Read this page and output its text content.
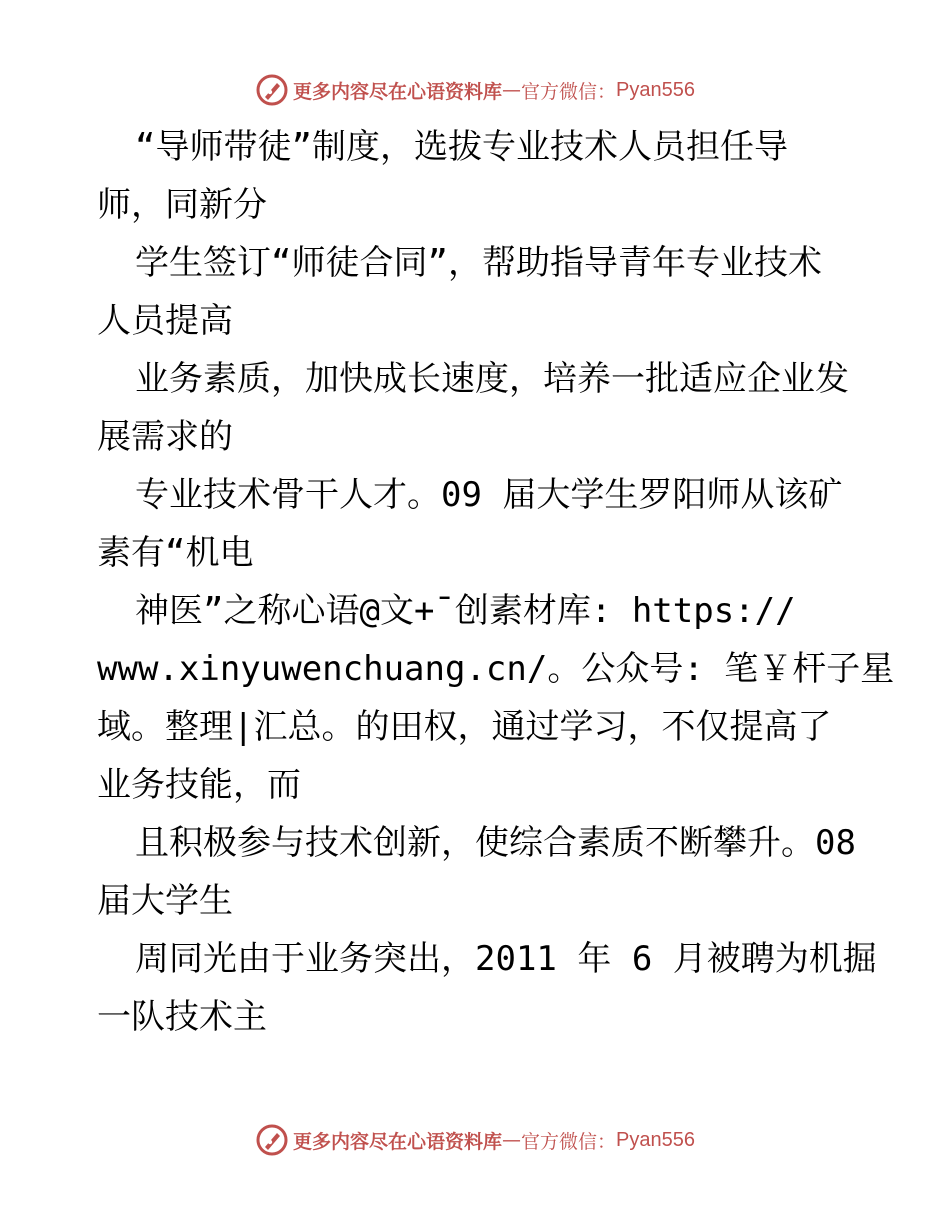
更多内容尽在心语资料库 — 官方微信： Pyan556
“导师带徒”制度，选拔专业技术人员担任导
师，同新分
学生签订“师徒合同”，帮助指导青年专业技术
人员提高
业务素质，加快成长速度，培养一批适应企业发
展需求的
专业技术骨干人才。09 届大学生罗阳师从该矿
素有“机电
神医”之称心语@文+¯创素材库: https://
www.xinyuwenchuang.cn/。公众号: 笔￥杆子星
域。整理|汇总。的田权，通过学习，不仅提高了
业务技能，而
且积极参与技术创新，使综合素质不断攀升。08
届大学生
周同光由于业务突出，2011 年 6 月被聘为机掘
一队技术主
更多内容尽在心语资料库 — 官方微信： Pyan556
